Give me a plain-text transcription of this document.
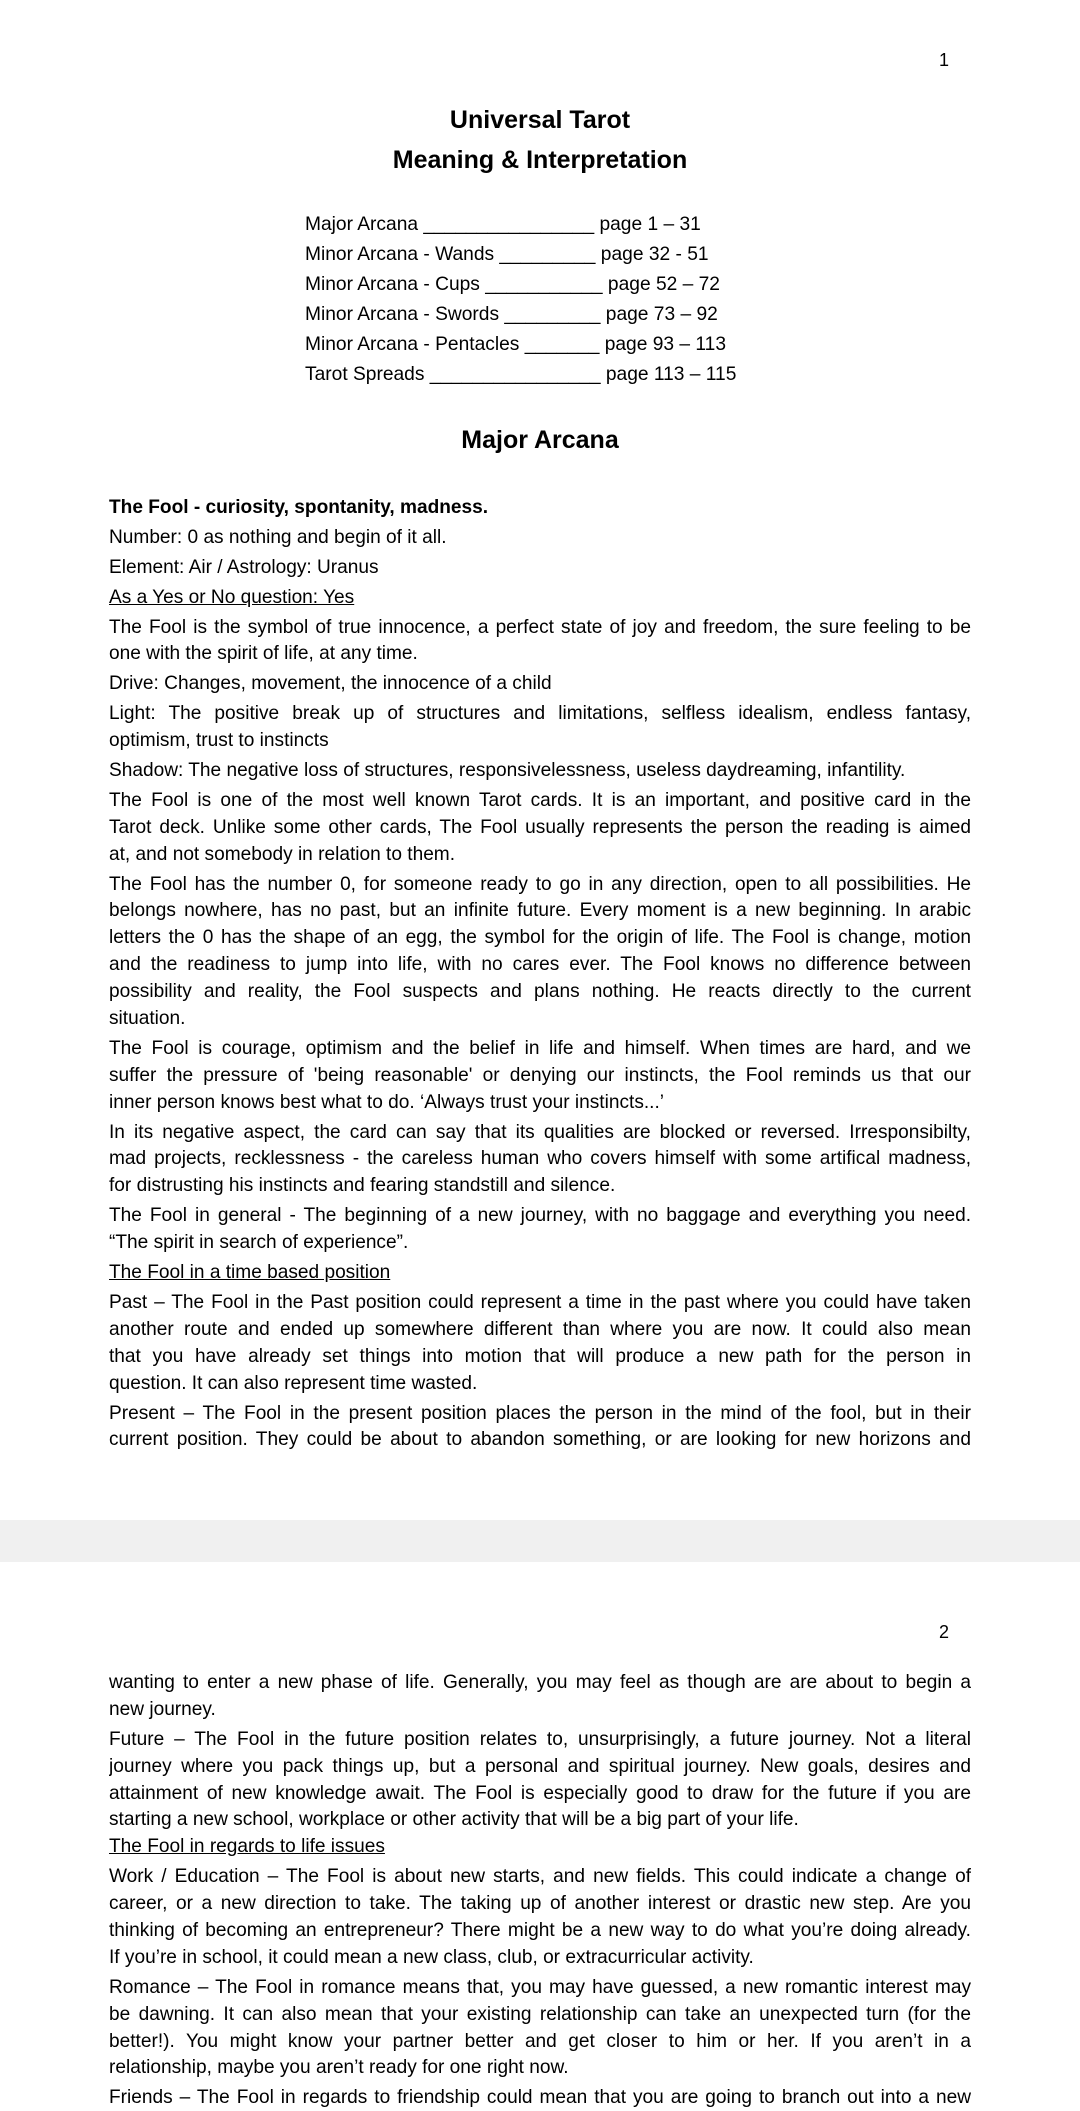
1
Universal Tarot
Meaning & Interpretation
Major Arcana ________________ page 1 – 31
Minor Arcana - Wands _________ page 32 - 51
Minor Arcana - Cups ___________ page 52 – 72
Minor Arcana - Swords _________ page 73 – 92
Minor Arcana - Pentacles _______ page 93 – 113
Tarot Spreads ________________ page 113 – 115
Major Arcana
The Fool - curiosity, spontanity, madness.
Number: 0 as nothing and begin of it all.
Element: Air / Astrology: Uranus
As a Yes or No question: Yes
The Fool is the symbol of true innocence, a perfect state of joy and freedom, the sure feeling to be
one with the spirit of life, at any time.
Drive: Changes, movement, the innocence of a child
Light: The positive break up of structures and limitations, selfless idealism, endless fantasy,
optimism, trust to instincts
Shadow: The negative loss of structures, responsivelessness, useless daydreaming, infantility.
The Fool is one of the most well known Tarot cards. It is an important, and positive card in the
Tarot deck. Unlike some other cards, The Fool usually represents the person the reading is aimed
at, and not somebody in relation to them.
The Fool has the number 0, for someone ready to go in any direction, open to all possibilities. He
belongs nowhere, has no past, but an infinite future. Every moment is a new beginning. In arabic
letters the 0 has the shape of an egg, the symbol for the origin of life. The Fool is change, motion
and the readiness to jump into life, with no cares ever. The Fool knows no difference between
possibility and reality, the Fool suspects and plans nothing. He reacts directly to the current
situation.
The Fool is courage, optimism and the belief in life and himself. When times are hard, and we
suffer the pressure of 'being reasonable' or denying our instincts, the Fool reminds us that our
inner person knows best what to do. ‘Always trust your instincts...’
In its negative aspect, the card can say that its qualities are blocked or reversed. Irresponsibilty,
mad projects, recklessness - the careless human who covers himself with some artifical madness,
for distrusting his instincts and fearing standstill and silence.
The Fool in general - The beginning of a new journey, with no baggage and everything you need.
“The spirit in search of experience”.
The Fool in a time based position
Past – The Fool in the Past position could represent a time in the past where you could have taken
another route and ended up somewhere different than where you are now. It could also mean
that you have already set things into motion that will produce a new path for the person in
question. It can also represent time wasted.
Present – The Fool in the present position places the person in the mind of the fool, but in their
current position. They could be about to abandon something, or are looking for new horizons and
2
wanting to enter a new phase of life. Generally, you may feel as though are are about to begin a
new journey.
Future – The Fool in the future position relates to, unsurprisingly, a future journey. Not a literal
journey where you pack things up, but a personal and spiritual journey. New goals, desires and
attainment of new knowledge await. The Fool is especially good to draw for the future if you are
starting a new school, workplace or other activity that will be a big part of your life.
The Fool in regards to life issues
Work / Education – The Fool is about new starts, and new fields. This could indicate a change of
career, or a new direction to take. The taking up of another interest or drastic new step. Are you
thinking of becoming an entrepreneur? There might be a new way to do what you’re doing already.
If you’re in school, it could mean a new class, club, or extracurricular activity.
Romance – The Fool in romance means that, you may have guessed, a new romantic interest may
be dawning. It can also mean that your existing relationship can take an unexpected turn (for the
better!). You might know your partner better and get closer to him or her. If you aren’t in a
relationship, maybe you aren’t ready for one right now.
Friends – The Fool in regards to friendship could mean that you are going to branch out into a new
